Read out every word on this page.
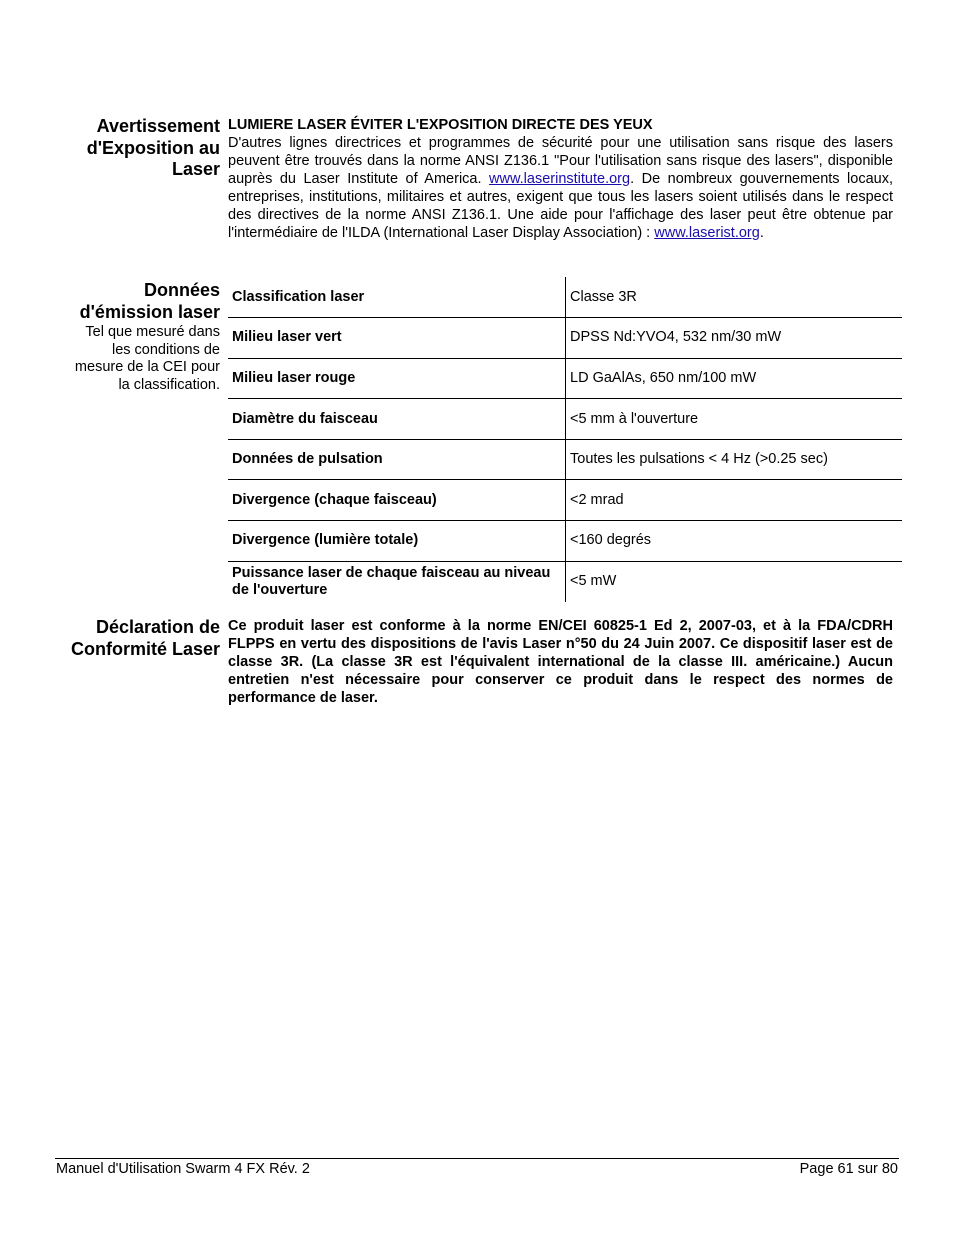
Avertissement
d'Exposition au
Laser
LUMIERE LASER ÉVITER L'EXPOSITION DIRECTE DES YEUX
D'autres lignes directrices et programmes de sécurité pour une utilisation sans risque des lasers peuvent être trouvés dans la norme ANSI Z136.1 "Pour l'utilisation sans risque des lasers", disponible auprès du Laser Institute of America. www.laserinstitute.org. De nombreux gouvernements locaux, entreprises, institutions, militaires et autres, exigent que tous les lasers soient utilisés dans le respect des directives de la norme ANSI Z136.1. Une aide pour l'affichage des laser peut être obtenue par l'intermédiaire de l'ILDA (International Laser Display Association) : www.laserist.org.
Données
d'émission laser
Tel que mesuré dans
les conditions de
mesure de la CEI pour
la classification.
Classification laser	Classe 3R
Milieu laser vert	DPSS Nd:YVO4, 532 nm/30 mW
Milieu laser rouge	LD GaAlAs, 650 nm/100 mW
Diamètre du faisceau	<5 mm à l'ouverture
Données de pulsation	Toutes les pulsations < 4 Hz (>0.25 sec)
Divergence (chaque faisceau)	<2 mrad
Divergence (lumière totale)	<160 degrés
Puissance laser de chaque faisceau au niveau de l'ouverture	<5 mW
Déclaration de
Conformité Laser
Ce produit laser est conforme à la norme EN/CEI 60825-1 Ed 2, 2007-03, et à la FDA/CDRH FLPPS en vertu des dispositions de l'avis Laser n°50 du 24 Juin 2007. Ce dispositif laser est de classe 3R. (La classe 3R est l'équivalent international de la classe III. américaine.) Aucun entretien n'est nécessaire pour conserver ce produit dans le respect des normes de performance de laser.
Manuel d'Utilisation Swarm 4 FX Rév. 2	Page 61 sur 80
